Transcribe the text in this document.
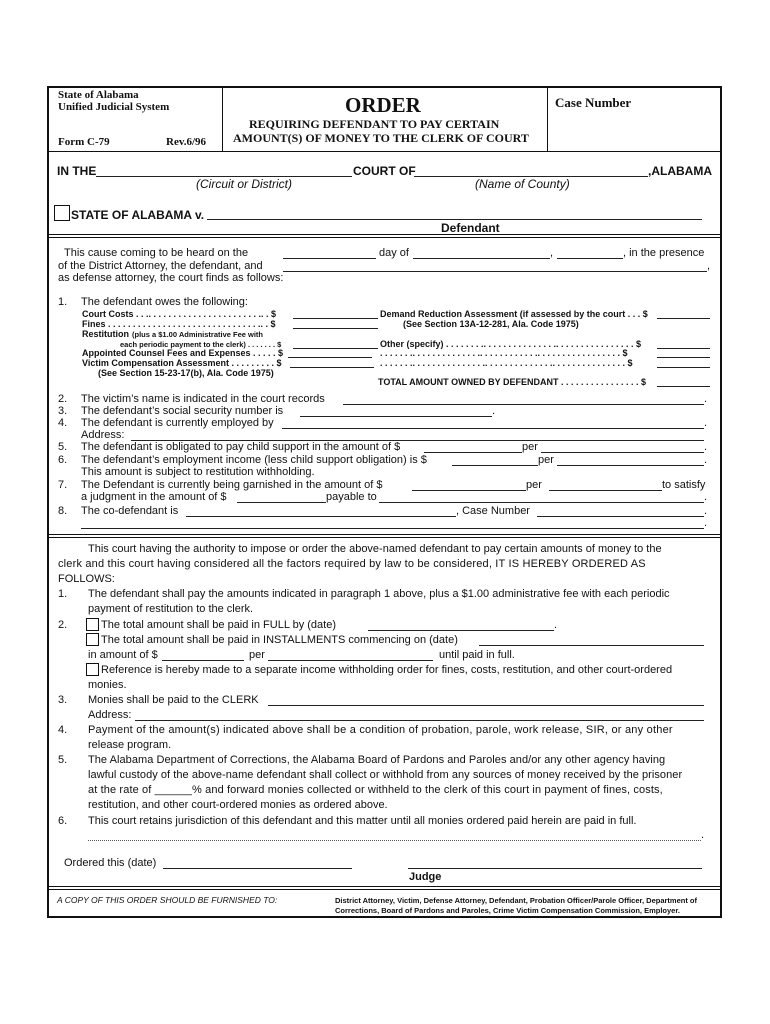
State of Alabama
Unified Judicial System
Form C-79	Rev.6/96
ORDER
REQUIRING DEFENDANT TO PAY CERTAIN
AMOUNT(S) OF MONEY TO THE CLERK OF COURT
Case Number
IN THE	COURT OF	,ALABAMA
(Circuit or District)	(Name of County)
STATE OF ALABAMA v.
Defendant
This cause coming to be heard on the	day of	,	, in the presence
of the District Attorney, the defendant, and	,
as defense attorney, the court finds as follows:
1. The defendant owes the following:
Court Costs . . .. . . . . . . . . . . . . . . . . . . . . . .. . $
Fines . . . . . . . . . . . . . . . . . . . . . . . . . . . . . . .. . $
Restitution (plus a $1.00 Administrative Fee with
each periodic payment to the clerk) . . . . . . . $
Appointed Counsel Fees and Expenses . . . . . $
Victim Compensation Assessment . . . . . . . . . $
(See Section 15-23-17(b), Ala. Code 1975)
Demand Reduction Assessment (if assessed by the court . . . $
(See Section 13A-12-281, Ala. Code 1975)
Other (specify) . . . . . . . .. . . . . . . . . . . . . . .. . . . . . . . . . . . . . . . $
. . . . . . .. . . . . . . . . . . . . .. . . . . . . . . . . .. . . . . . . . . . . . . . . . . $
. . . . . . .. . . . . . . . . . . . . . .. . . . . . . . . . . . . .. . . . . . . . . . . . . . . $
TOTAL AMOUNT OWNED BY DEFENDANT . . . . . . . . . . . . . . . . $
2. The victim’s name is indicated in the court records	.
3. The defendant’s social security number is	.
4. The defendant is currently employed by	.
Address:
5. The defendant is obligated to pay child support in the amount of $	per	.
6. The defendant’s employment income (less child support obligation) is $	per	.
This amount is subject to restitution withholding.
7. The Defendant is currently being garnished in the amount of $	per	to satisfy
a judgment in the amount of $	payable to	.
8. The co-defendant is	, Case Number	.
.
This court having the authority to impose or order the above-named defendant to pay certain amounts of money to the
clerk and this court having considered all the factors required by law to be considered, IT IS HEREBY ORDERED AS
FOLLOWS:
1. The defendant shall pay the amounts indicated in paragraph 1 above, plus a $1.00 administrative fee with each periodic
payment of restitution to the clerk.
2.	The total amount shall be paid in FULL by (date)	.
The total amount shall be paid in INSTALLMENTS commencing on (date)
in amount of $	per	until paid in full.
Reference is hereby made to a separate income withholding order for fines, costs, restitution, and other court-ordered
monies.
3. Monies shall be paid to the CLERK
Address:
4. Payment of the amount(s) indicated above shall be a condition of probation, parole, work release, SIR, or any other
release program.
5. The Alabama Department of Corrections, the Alabama Board of Pardons and Paroles and/or any other agency having
lawful custody of the above-name defendant shall collect or withhold from any sources of money received by the prisoner
at the rate of ______% and forward monies collected or withheld to the clerk of this court in payment of fines, costs,
restitution, and other court-ordered monies as ordered above.
6. This court retains jurisdiction of this defendant and this matter until all monies ordered paid herein are paid in full.
.
Ordered this (date)
Judge
A COPY OF THIS ORDER SHOULD BE FURNISHED TO:	District Attorney, Victim, Defense Attorney, Defendant, Probation Officer/Parole Officer, Department of
Corrections, Board of Pardons and Paroles, Crime Victim Compensation Commission, Employer.
